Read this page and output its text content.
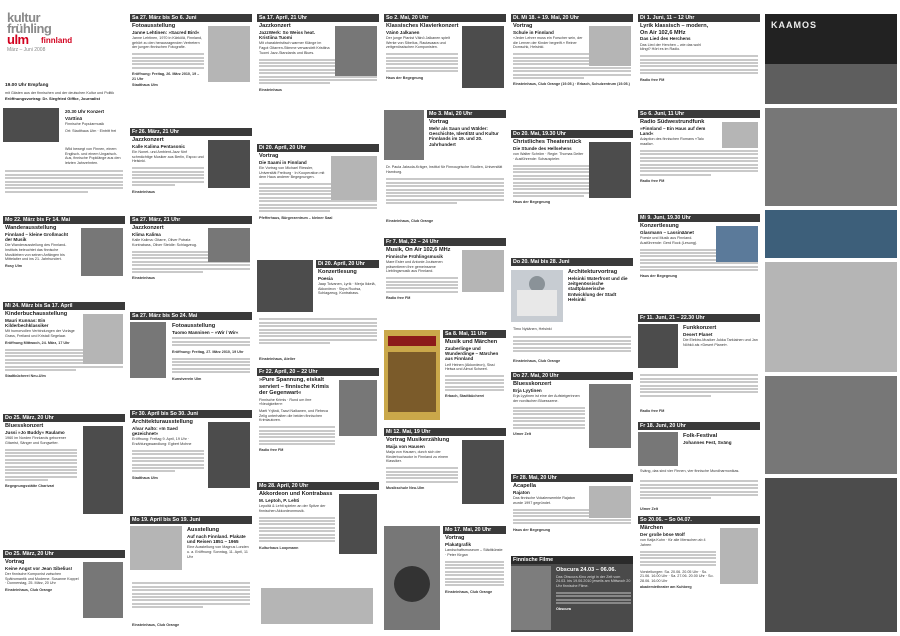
kultur
frühling
ulm
März – Juni 2008
finnland
19.00 Uhr Empfang
mit Gästen aus der finnischen und der deutschen Kultur und Politik
Eröffnungsvortrag: Dr. Siegfried Giffke, Journalist
20.30 Uhr Konzert
Värttinä
Finnische Popularmusik
Ort: Stadthaus Ulm · Eintritt frei
Wild bewegt von Finnen, einem Englisch- und einem Ungarisch-Aus, finnische Popklänge aus den letzten Jahrzehnten.
Mo 22. März bis Fr 14. Mai
Wanderausstellung
Finnland – kleine Großmacht der Musik
Die Wanderausstellung des Finnland-Instituts beleuchtet das finnische Musikleben von seinen Anfängen bis Mittelalter und ins 21. Jahrhundert.
Rosy Ulm
Mi 24. März bis Sa 17. April
Kinderbuchausstellung
Mauri Kunnas: Ein Kilderbechklassiker
Mit humorvollen Verbindungen der Vorlage Grass, Freiland und Kristall Segelaar.
Eröffnung Mittwoch, 24. März, 17 Uhr
Stadtbücherei Neu-Ulm
Do 25. März, 20 Uhr
Bluesskonzert
Jussi »Jo Buddy« Raulamo
1960 im Norden Finnlands geborener Gitarrist, Sänger und Songwriter.
Begegnungsstätte Charivari
Do 25. März, 20 Uhr
Vortrag
Keine Angst vor Jean Sibelius!
Der finnische Komponist zwischen Spätromantik und Moderne. Susanne Koppel · Donnerstag, 25. März, 20 Uhr
Einsteinhaus, Club Orange
Sa 27. März bis So 6. Juni
Fotoausstellung
Janne Lehtinen: »Sacred Bird«
Janne Lehtinen, 1970 in Kärkölä, Finnland, gehört zu den herausragenden Vertretern der jungen finnischen Fotografie.
Eröffnung: Freitag, 26. März 2010, 19 – 21 Uhr
Stadthaus Ulm
Fr 26. März, 21 Uhr
Jazzkonzert
Kalle Kalima Pentasonic
Ein Nonet- und Ambient-Jazz fünf schmächtige Musiker aus Berlin, Espoo und Helsinki.
Einsteinhaus
Sa 27. März, 21 Uhr
Jazzkonzert
Klima Kalima
Kalle Kalima: Gitarre, Oliver Potratz: Kontrabass, Oliver Steidle: Schlagzeug.
Einsteinhaus
Sa 27. März bis So 24. Mai
Fotoausstellung
Tuomo Manninen – »Wir / Wir«
Eröffnung: Freitag, 27. März 2010, 19 Uhr
Kunstverein Ulm
Fr 30. April bis So 30. Juni
Architekturausstellung
Alvar Aalto: »In Saed gezeichnet«
Eröffnung: Freitag 9. April, 19 Uhr · Erzählungswandlung: Egbert Mohne
Stadthaus Ulm
Mo 19. April bis So 19. Juni
Ausstellung
Auf nach Finnland. Plakate und Reisen 1851 – 1965
Eine Ausstellung von Magnus Londen u. a. Eröffnung: Sonntag, 11. April, 11 Uhr
Einsteinhaus, Club Orange
Sa 17. April, 21 Uhr
Jazzkonzert
JazzWerk: So Weiss heat. Kristiina Tuomi
Mit charakteristisch warmer Klänge im Fagot Gitarren-Stimme verwandelt Kristiina Tuomi Jazz-Standards und Blues.
Einsteinhaus
Di 20. April, 20 Uhr
Vortrag
Die Saami in Finnland
Ein Vortrag von Michael Riessler, Universität Freiburg · In Kooperation mit dem Haus anderer Begegnungen.
Pfefferhaus, Bürgerzentrum – kleiner Saal
Di 20. April, 20 Uhr
Konzertlesung
Poesia
Jaap Toivanen, Lyrik · Merja Ikkelä, Akkordeon · Sirpa Ruotsa, Schlagzeug, Kontrabass.
Einsteinhaus, Atelier
Fr 22. April, 20 – 22 Uhr
»Pure Spannung, eiskalt serviert – finnische Krimis der Gegenwart«
Finnische Krimis · Rund um ihre »Neuigkeiten«
Marti Yrjänä, Taavi Nalkanen, und Rebeca Zelig unterhalten die beiden finnischen Krimiautoren.
Radio free FM
Mo 28. April, 20 Uhr
Akkordeon und Kontrabass
M. Leptoh, P. Lehti
Lepoltä & Lehti spielen an der Spitze der finnischen Akkordeonmusik.
Kulturhaus Loopmann
So 2. Mai, 20 Uhr
Klassisches Klavierkonzert
Väinö Jalkanen
Der junge Pianist Väinö Jalkanen spielt Werke von Sibelius, Rautavaara und zeitgenössischen Komponisten.
Haus der Begegnung
Mo 3. Mai, 20 Uhr
Vortrag
Mehr als Saun und Wälder: Geschichte, Identität und Kultur Finnlands im 19. und 20. Jahrhundert
Dr. Paula Jaksola-Kräger, Institut für Finnougrische Studien, Universität Hamburg.
Einsteinhaus, Club Orange
Fr 7. Mai, 22 – 24 Uhr
Musik, On Air 102,6 MHz
Finnische Frühlingsmusik
Mare Ester und Antonie Joutsenen präsentieren ihre gemeinsame Lieblingsmusik aus Finnland.
Radio free FM
Sa 8. Mai, 11 Uhr
Musik und Märchen
Zauberlinge und Wunderdinge – Märchen aus Finnland
Leif Heinen (Akkordeon), Sissi Heiwa und Almut Schwerl.
Erbach, Stadtbücherei
Mi 12. Mai, 19 Uhr
Vortrag Musikerzählung
Maija von Hausen
Maija von Hausen, durch sich der Kinderbuchautor in Finnland zu einem Klassiker.
Musikschule Neu-Ulm
Mo 17. Mai, 20 Uhr
Vortrag
Plakatgrafik
Landschaftsmuseum – Städtkünste · Peter Kirgan
Einsteinhaus, Club Orange
Di. Mi 18. + 19. Mai, 20 Uhr
Vortrag
Schule in Finnland
»Jeder Lehrer muss ein Forscher sein, der die Lernen der Kinder begreift.« Reiner Domschk, Helsinki.
Einsteinhaus, Club Orange (19.05.) · Erbach, Schulzentrum (19.05.)
Do 20. Mai, 19.30 Uhr
Christliches Theaterstück
Die Stunde des Hellsehens
von Walter Schröm · Regie: Thomas Deiter · Ausführende: Schauspieler.
Haus der Begegnung
Do 20. Mai bis 28. Juni
Architekturvortrag
Helsinki Waterfront und die zeitgenössische stadtplanerische Entwicklung der Stadt Helsinki
Timo Nykänen, Helsinki
Einsteinhaus, Club Orange
Do 27. Mai, 20 Uhr
Bluesskonzert
Erja Lyytinen
Erja Lyytinen ist eine der Aufsteigerinnen der nordischen Bluesszene.
Ulmer Zelt
Fr 28. Mai, 20 Uhr
Acapella
Rajaton
Das finnische Vokalensemble Rajaton wurde 1997 gegründet.
Haus der Begegnung
Finnische Filme
Obscura 24.03 – 06.06.
Das Obscura-Kino zeigt in der Zeit vom 24.03. bis 19.06.2010 jeweils am Mittwoch 20 Uhr finnische Filme.
Obscura
Di 1. Juni, 11 – 12 Uhr
Lyrik klassisch – modern, On Air 102,6 MHz
Das Lied des Herchens
Das Lied der Herchen – wie das wohl klingt? Hört es im Radio.
Radio free FM
So 6. Juni, 11 Uhr
Radio Südwestrundfunk
»Finnland – Ein Haus auf dem Land«
Adaption des finnischen Romans »Talo maalla«.
Radio free FM
Mi 9. Juni, 19.30 Uhr
Konzertlesung
Glasmann – Lassinäänet
Poesie und Musik aus Finnland. Ausführende: Gerd Rock (Lesung).
Haus der Begegnung
Fr 11. Juni, 21 – 22.30 Uhr
Funkkonzert
Desert Planet
Die Elektro-Musiker Jukka Tarkiainen und Jan Nöhkö als »Desert Planet«.
Radio free FM
Fr 18. Juni, 20 Uhr
Folk-Festival
Johannes Fest, Sväng
Sväng, das sind vier Finnen, vier finnische Mundharmonikas.
Ulmer Zelt
So 20.06. – So 04.07.
Märchen
Der große böse Wolf
von Katja Kuhn · für alle Menschen ab 4 Jahren
Vorstellungen: Sa. 20.06. 20.05 Uhr · So. 21.06. 16.00 Uhr · Sa. 27.06. 20.00 Uhr · So. 28.06. 16.00 Uhr
akademietheater am Kuhberg
KAAMOS
